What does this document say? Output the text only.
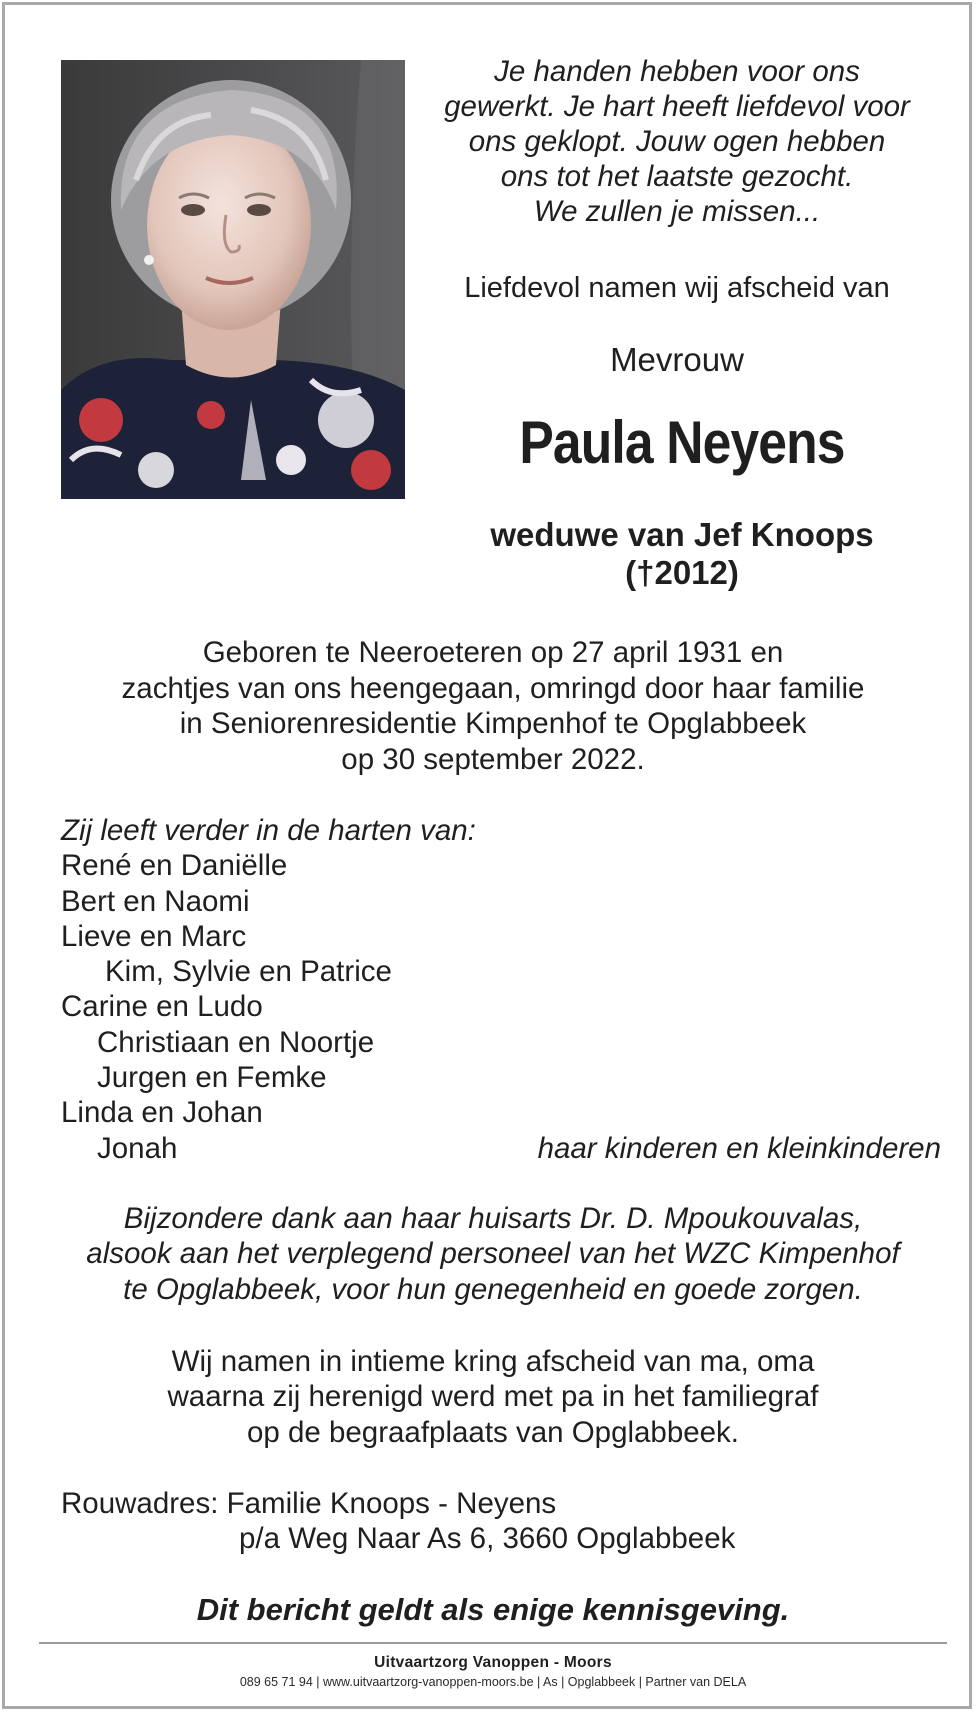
Je handen hebben voor ons
gewerkt. Je hart heeft liefdevol voor
ons geklopt. Jouw ogen hebben
ons tot het laatste gezocht.
We zullen je missen...

Liefdevol namen wij afscheid van

Mevrouw

Paula Neyens

weduwe van Jef Knoops
(†2012)

Geboren te Neeroeteren op 27 april 1931 en
zachtjes van ons heengegaan, omringd door haar familie
in Seniorenresidentie Kimpenhof te Opglabbeek
op 30 september 2022.

Zij leeft verder in de harten van:
René en Daniëlle
Bert en Naomi
Lieve en Marc
Kim, Sylvie en Patrice
Carine en Ludo
Christiaan en Noortje
Jurgen en Femke
Linda en Johan
Jonah	haar kinderen en kleinkinderen

Bijzondere dank aan haar huisarts Dr. D. Mpoukouvalas,
alsook aan het verplegend personeel van het WZC Kimpenhof
te Opglabbeek, voor hun genegenheid en goede zorgen.

Wij namen in intieme kring afscheid van ma, oma
waarna zij herenigd werd met pa in het familiegraf
op de begraafplaats van Opglabbeek.

Rouwadres: Familie Knoops - Neyens
p/a Weg Naar As 6, 3660 Opglabbeek

Dit bericht geldt als enige kennisgeving.

Uitvaartzorg Vanoppen - Moors

089 65 71 94 | www.uitvaartzorg-vanoppen-moors.be | As | Opglabbeek | Partner van DELA
